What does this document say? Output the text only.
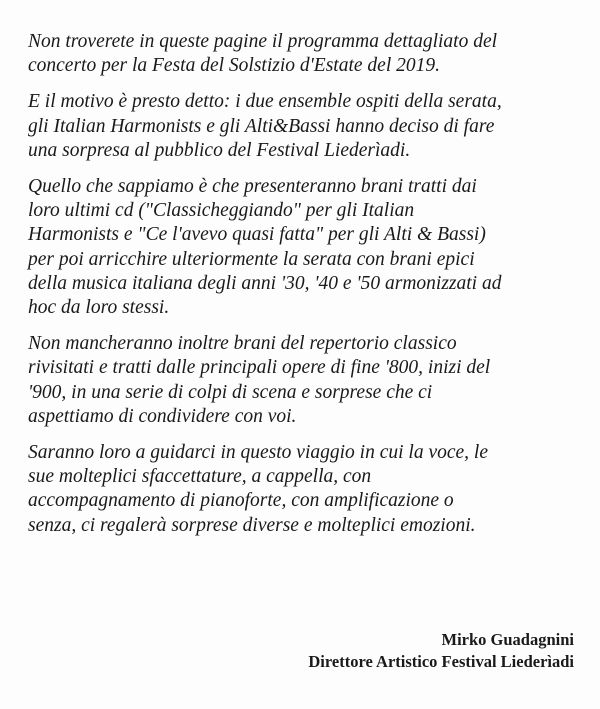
Non troverete in queste pagine il programma dettagliato del
concerto per la Festa del Solstizio d'Estate del 2019.

E il motivo è presto detto: i due ensemble ospiti della serata,
gli Italian Harmonists e gli Alti&Bassi hanno deciso di fare
una sorpresa al pubblico del Festival Liederìadi.

Quello che sappiamo è che presenteranno brani tratti dai
loro ultimi cd ("Classicheggiando" per gli Italian
Harmonists e "Ce l'avevo quasi fatta" per gli Alti & Bassi)
per poi arricchire ulteriormente la serata con brani epici
della musica italiana degli anni '30, '40 e '50 armonizzati ad
hoc da loro stessi.

Non mancheranno inoltre brani del repertorio classico
rivisitati e tratti dalle principali opere di fine '800, inizi del
'900, in una serie di colpi di scena e sorprese che ci
aspettiamo di condividere con voi.

Saranno loro a guidarci in questo viaggio in cui la voce, le
sue molteplici sfaccettature, a cappella, con
accompagnamento di pianoforte, con amplificazione o
senza, ci regalerà sorprese diverse e molteplici emozioni.

Mirko Guadagnini
Direttore Artistico Festival Liederìadi
